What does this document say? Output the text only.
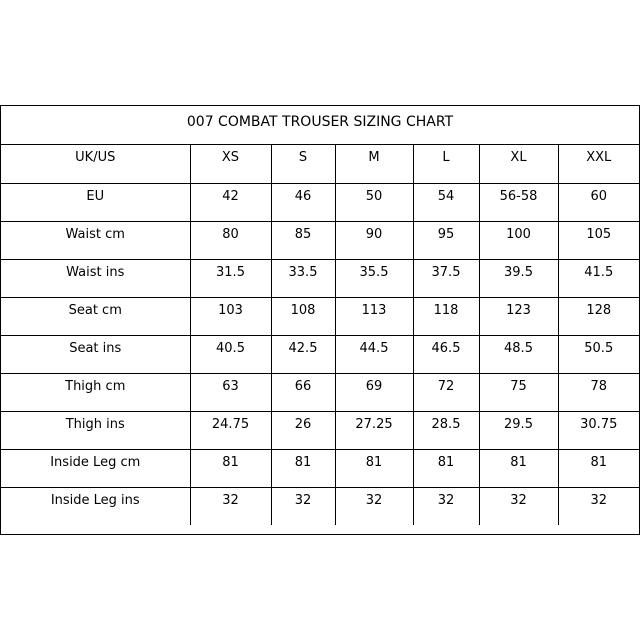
007 COMBAT TROUSER SIZING CHART
UK/US	XS	S	M	L	XL	XXL

EU	42	46	50	54	56-58	60

Waist cm	80	85	90	95	100	105

Waist ins	31.5	33.5	35.5	37.5	39.5	41.5

Seat cm	103	108	113	118	123	128

Seat ins	40.5	42.5	44.5	46.5	48.5	50.5

Thigh cm	63	66	69	72	75	78

Thigh ins	24.75	26	27.25	28.5	29.5	30.75

Inside Leg cm	81	81	81	81	81	81

Inside Leg ins	32	32	32	32	32	32
